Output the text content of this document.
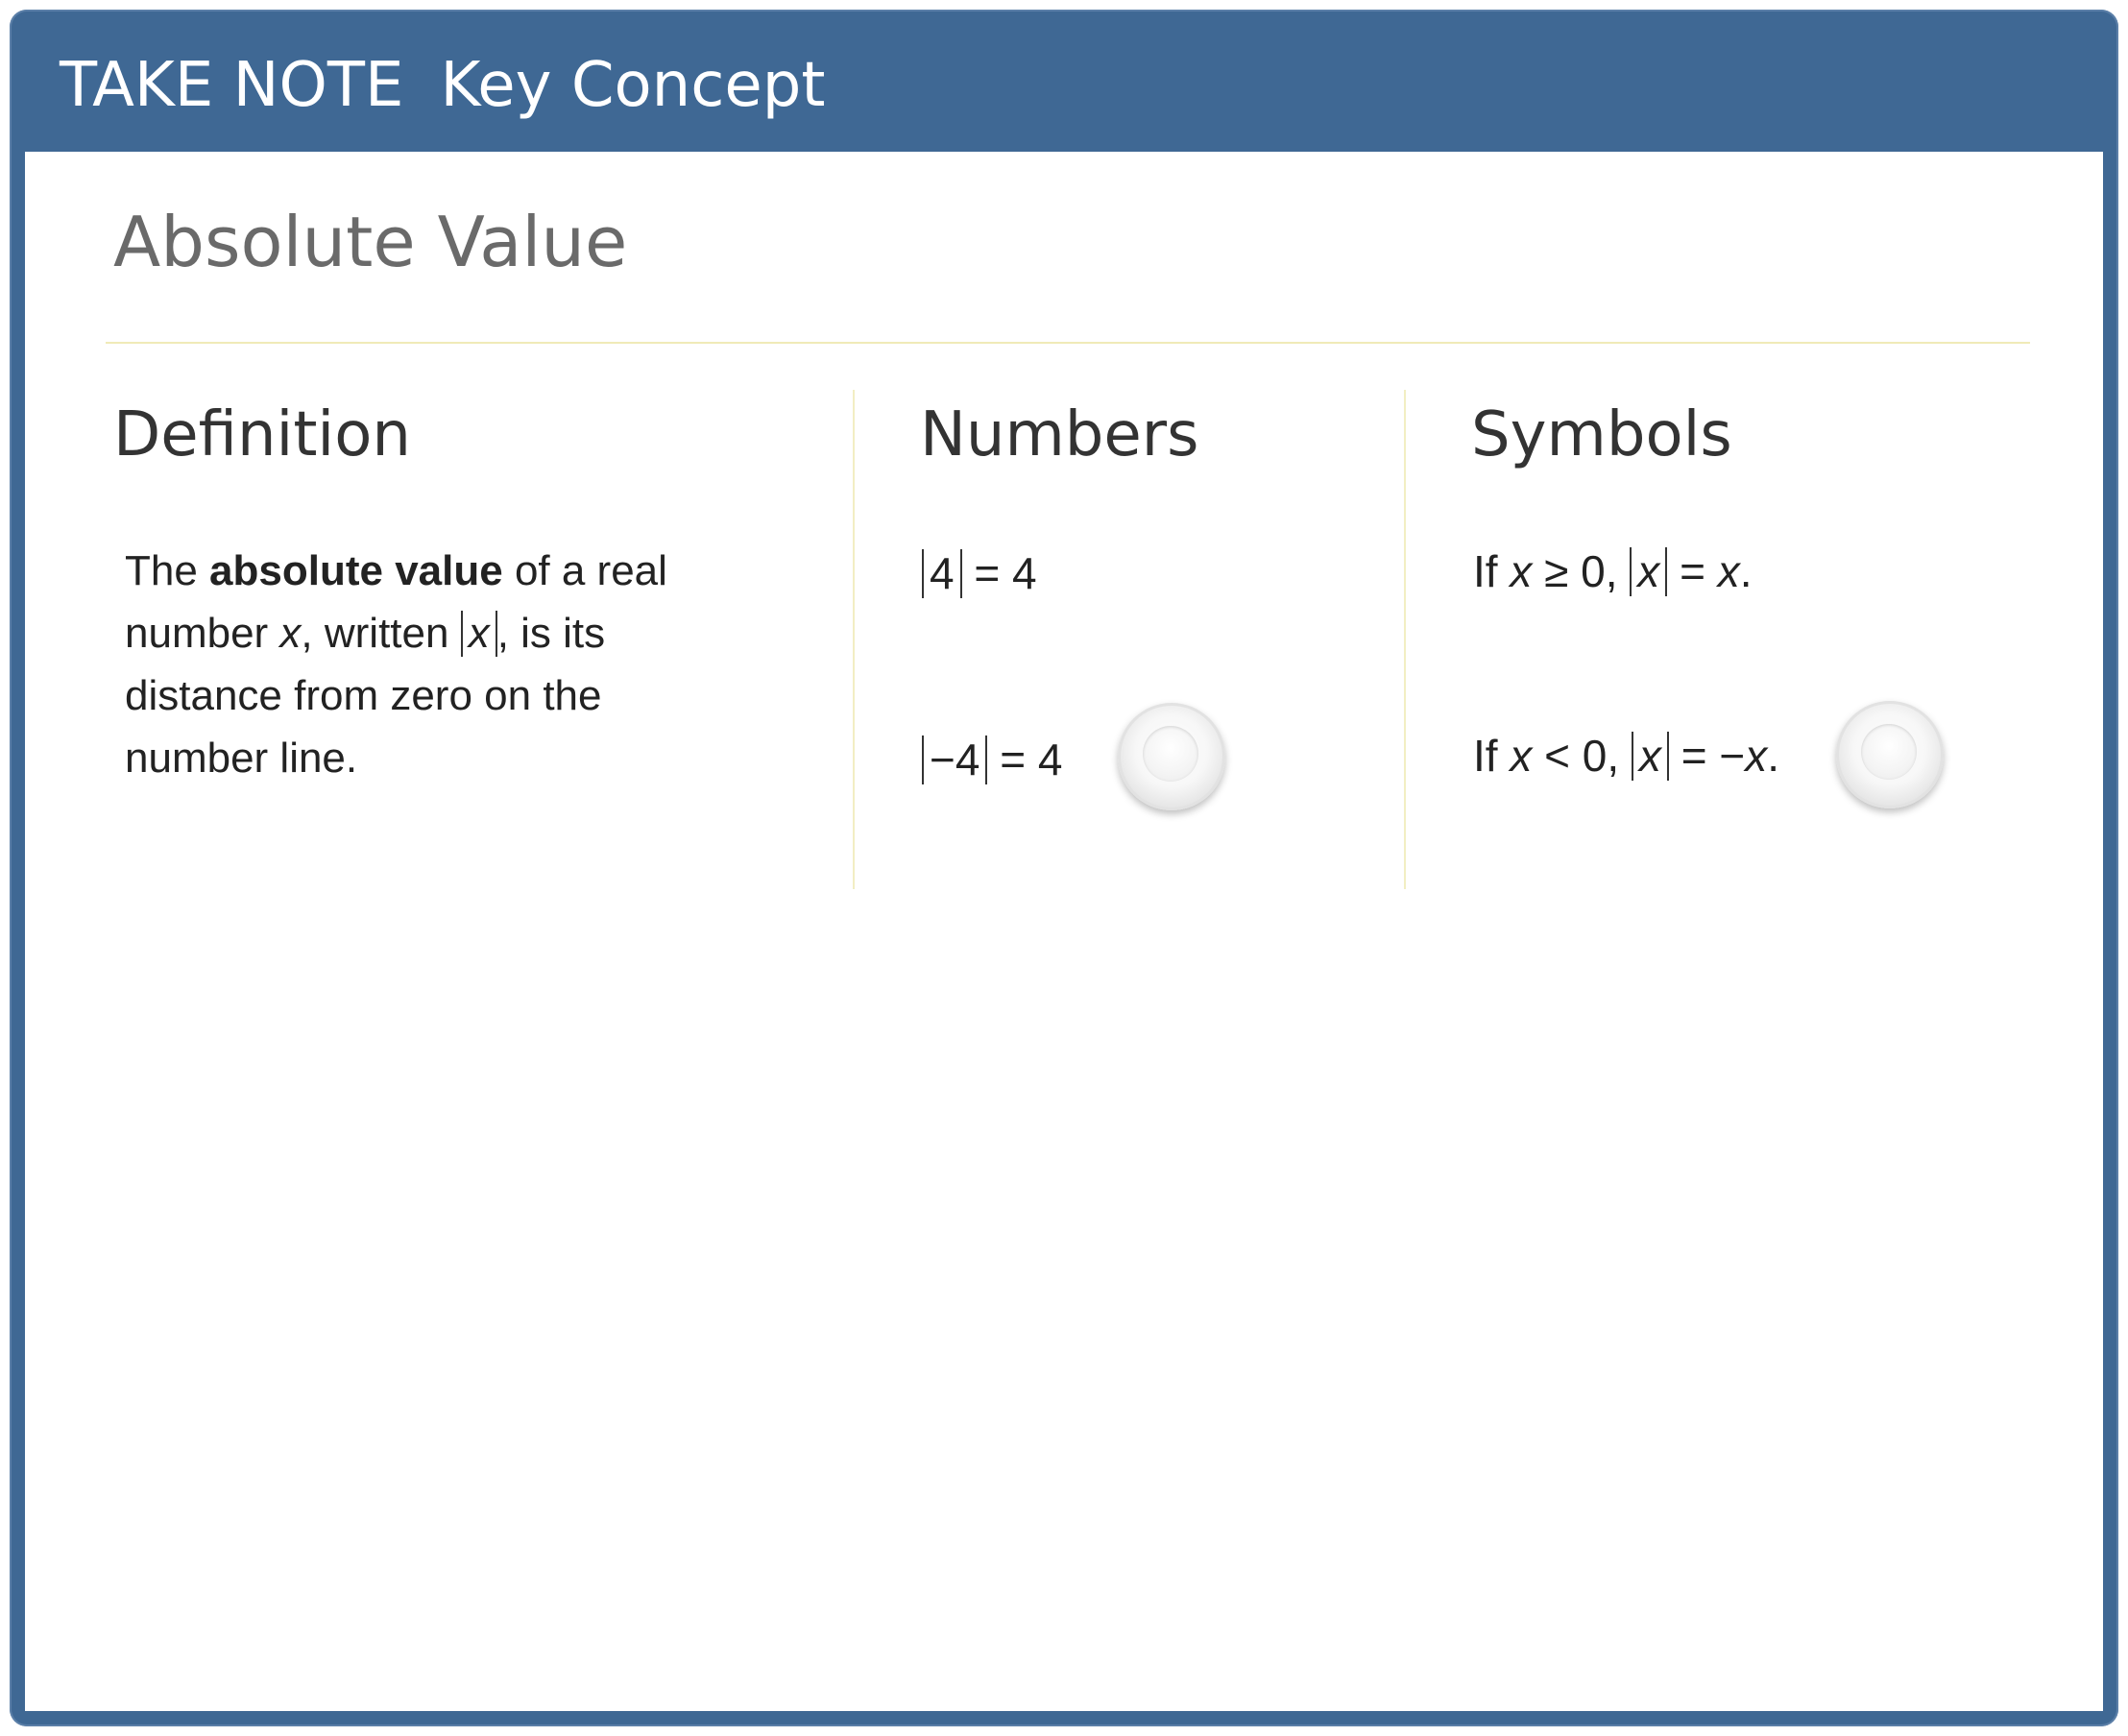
TAKE NOTE Key Concept
Absolute Value
Definition
The absolute value of a real number x, written x , is its distance from zero on the number line.
Numbers
4 = 4
−4 = 4
Symbols
If x ≥ 0, x = x.
If x < 0, x = −x.
